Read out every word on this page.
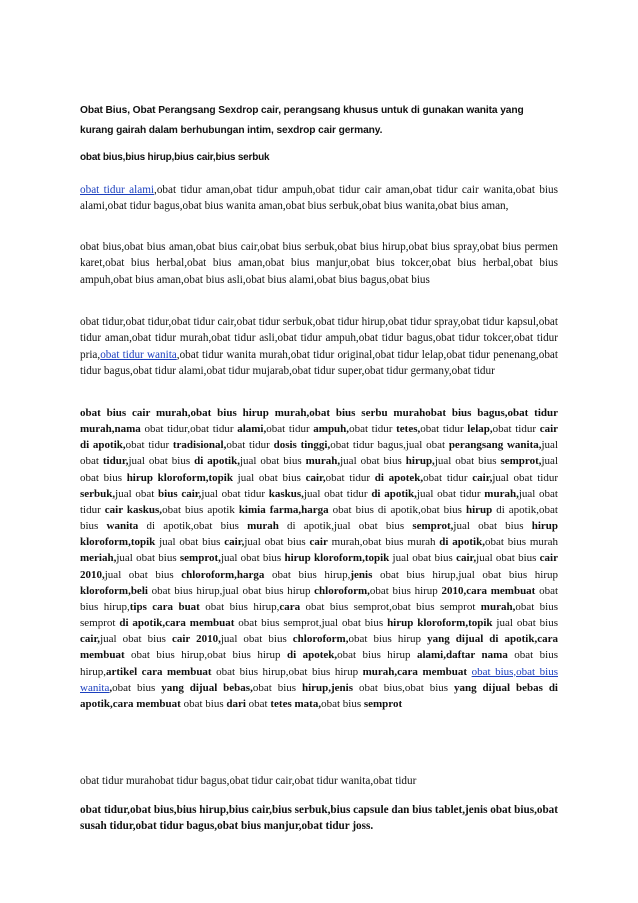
Obat Bius, Obat Perangsang Sexdrop cair, perangsang khusus untuk di gunakan wanita yang

kurang gairah dalam berhubungan intim, sexdrop cair germany.

obat bius,bius hirup,bius cair,bius serbuk

obat tidur alami,obat tidur aman,obat tidur ampuh,obat tidur cair aman,obat tidur cair wanita,obat bius alami,obat tidur bagus,obat bius wanita aman,obat bius serbuk,obat bius wanita,obat bius aman,

obat bius,obat bius aman,obat bius cair,obat bius serbuk,obat bius hirup,obat bius spray,obat bius permen karet,obat bius herbal,obat bius aman,obat bius manjur,obat bius tokcer,obat bius herbal,obat bius ampuh,obat bius aman,obat bius asli,obat bius alami,obat bius bagus,obat bius

obat tidur,obat tidur,obat tidur cair,obat tidur serbuk,obat tidur hirup,obat tidur spray,obat tidur kapsul,obat tidur aman,obat tidur murah,obat tidur asli,obat tidur ampuh,obat tidur bagus,obat tidur tokcer,obat tidur pria,obat tidur wanita,obat tidur wanita murah,obat tidur original,obat tidur lelap,obat tidur penenang,obat tidur bagus,obat tidur alami,obat tidur mujarab,obat tidur super,obat tidur germany,obat tidur

obat bius cair murah,obat bius hirup murah,obat bius serbu murahobat bius bagus,obat tidur murah,nama obat tidur,obat tidur alami,obat tidur ampuh,obat tidur tetes,obat tidur lelap,obat tidur cair di apotik,obat tidur tradisional,obat tidur dosis tinggi,obat tidur bagus,jual obat perangsang wanita,jual obat tidur,jual obat bius di apotik,jual obat bius murah,jual obat bius hirup,jual obat bius semprot,jual obat bius hirup kloroform,topik jual obat bius cair,obat tidur di apotek,obat tidur cair,jual obat tidur serbuk,jual obat bius cair,jual obat tidur kaskus,jual obat tidur di apotik,jual obat tidur murah,jual obat tidur cair kaskus,obat bius apotik kimia farma,harga obat bius di apotik,obat bius hirup di apotik,obat bius wanita di apotik,obat bius murah di apotik,jual obat bius semprot,jual obat bius hirup kloroform,topik jual obat bius cair,jual obat bius cair murah,obat bius murah di apotik,obat bius murah meriah,jual obat bius semprot,jual obat bius hirup kloroform,topik jual obat bius cair,jual obat bius cair 2010,jual obat bius chloroform,harga obat bius hirup,jenis obat bius hirup,jual obat bius hirup kloroform,beli obat bius hirup,jual obat bius hirup chloroform,obat bius hirup 2010,cara membuat obat bius hirup,tips cara buat obat bius hirup,cara obat bius semprot,obat bius semprot murah,obat bius semprot di apotik,cara membuat obat bius semprot,jual obat bius hirup kloroform,topik jual obat bius cair,jual obat bius cair 2010,jual obat bius chloroform,obat bius hirup yang dijual di apotik,cara membuat obat bius hirup,obat bius hirup di apotek,obat bius hirup alami,daftar nama obat bius hirup,artikel cara membuat obat bius hirup,obat bius hirup murah,cara membuat obat bius,obat bius wanita,obat bius yang dijual bebas,obat bius hirup,jenis obat bius,obat bius yang dijual bebas di apotik,cara membuat obat bius dari obat tetes mata,obat bius semprot

obat tidur murahobat tidur bagus,obat tidur cair,obat tidur wanita,obat tidur

obat tidur,obat bius,bius hirup,bius cair,bius serbuk,bius capsule dan bius tablet,jenis obat bius,obat susah tidur,obat tidur bagus,obat bius manjur,obat tidur joss.
